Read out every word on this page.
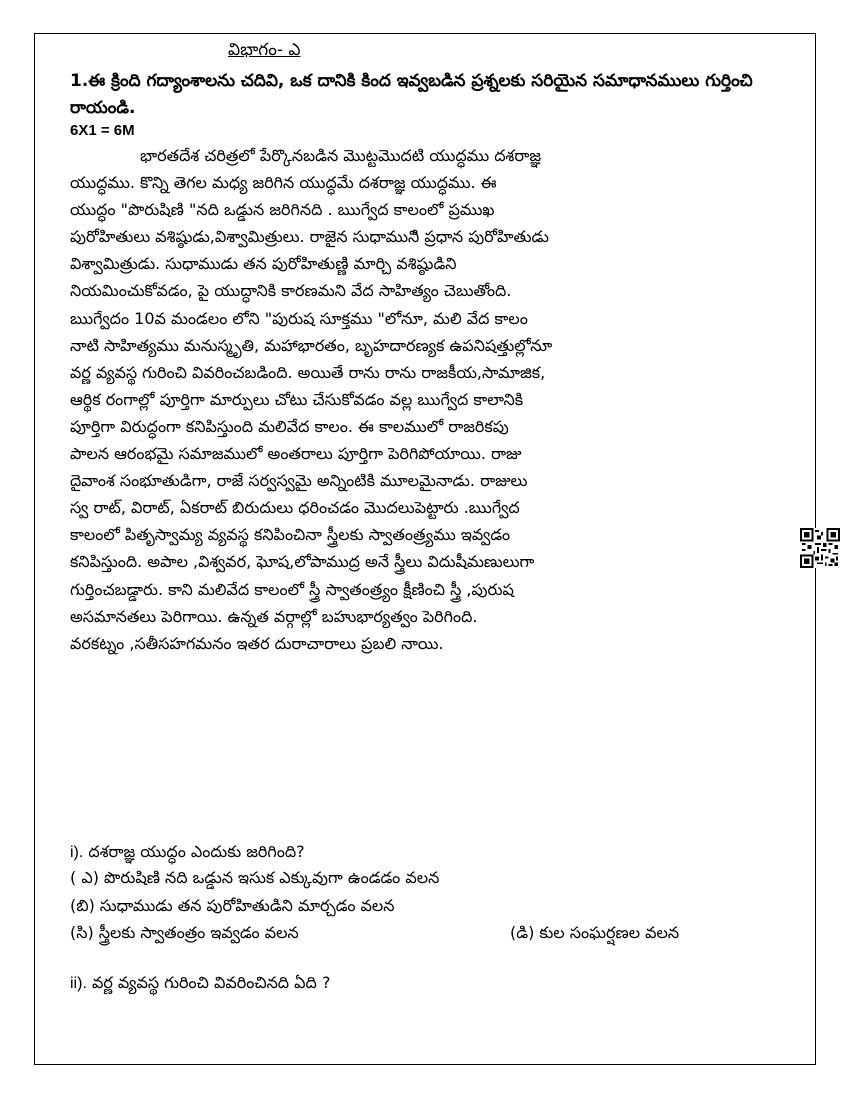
విభాగం- ఎ
1.ఈ క్రింది గద్యాంశాలను చదివి, ఒక దానికి కింద ఇవ్వబడిన ప్రశ్నలకు సరియైన సమాధానములు గుర్తించి రాయండి.
6X1 = 6M
భారతదేశ చరిత్రలో పేర్కొనబడిన మొట్టమొదటి యుద్ధము దశరాజ్ఞ
యుద్ధము. కొన్ని తెగల మధ్య జరిగిన యుద్ధమే దశరాజ్ఞ యుద్ధము. ఈ
యుద్ధం "పొరుషిణి "నది ఒడ్డున జరిగినది . ఋగ్వేద కాలంలో ప్రముఖ
పురోహితులు వశిష్ఠుడు,విశ్వామిత్రులు. రాజైన సుధామునిి ప్రధాన పురోహితుడు
విశ్వామిత్రుడు. సుధాముడు తన పురోహితుణ్ణి మార్చి వశిష్ఠుడిని
నియమించుకోవడం, పై యుద్ధానికి కారణమని వేద సాహిత్యం చెబుతోంది.
ఋగ్వేదం 10వ మండలం లోని "పురుష సూక్తము "లోనూ, మలి వేద కాలం
నాటి సాహిత్యము మనుస్మృతి, మహాభారతం, బృహదారణ్యక ఉపనిషత్తుల్లోనూ
వర్ణ వ్యవస్థ గురించి వివరించబడింది. అయితే రాను రాను రాజకీయ,సామాజిక,
ఆర్థిక రంగాల్లో పూర్తిగా మార్పులు చోటు చేసుకోవడం వల్ల ఋగ్వేద కాలానికి
పూర్తిగా విరుద్ధంగా కనిపిస్తుంది మలివేద కాలం. ఈ కాలములో రాజరికపు
పాలన ఆరంభమై సమాజములో అంతరాలు పూర్తిగా పెరిగిపోయాయి. రాజు
దైవాంశ సంభూతుడిగా, రాజే సర్వస్వమై అన్నింటికి మూలమైనాడు. రాజులు
స్వ రాట్, విరాట్, ఏకరాట్ బిరుదులు ధరించడం మొదలుపెట్టారు .ఋగ్వేద
కాలంలో పితృస్వామ్య వ్యవస్థ కనిపించినా స్త్రీలకు స్వాతంత్ర్యము ఇవ్వడం
కనిపిస్తుంది. అపాల ,విశ్వవర, ఘోష,లోపాముద్ర అనే స్త్రీలు విదుషీమణులుగా
గుర్తించబడ్డారు. కాని మలివేద కాలంలో స్త్రీ స్వాతంత్ర్యం క్షీణించి స్త్రీ ,పురుష
అసమానతలు పెరిగాయి. ఉన్నత వర్గాల్లో బహుభార్యత్వం పెరిగింది.
వరకట్నం ,సతీసహగమనం ఇతర దురాచారాలు ప్రబలి నాయి.
i). దశరాజ్ఞ యుద్ధం ఎందుకు జరిగింది?
( ఎ) పొరుషిణి నది ఒడ్డున ఇసుక ఎక్కువుగా ఉండడం వలన
(బి) సుధాముడు తన పురోహితుడిని మార్చడం వలన
(సి) స్త్రీలకు స్వాతంత్రం ఇవ్వడం వలన	(డి) కుల సంఘర్షణల వలన
ii). వర్ణ వ్యవస్థ గురించి వివరించినది ఏది ?
